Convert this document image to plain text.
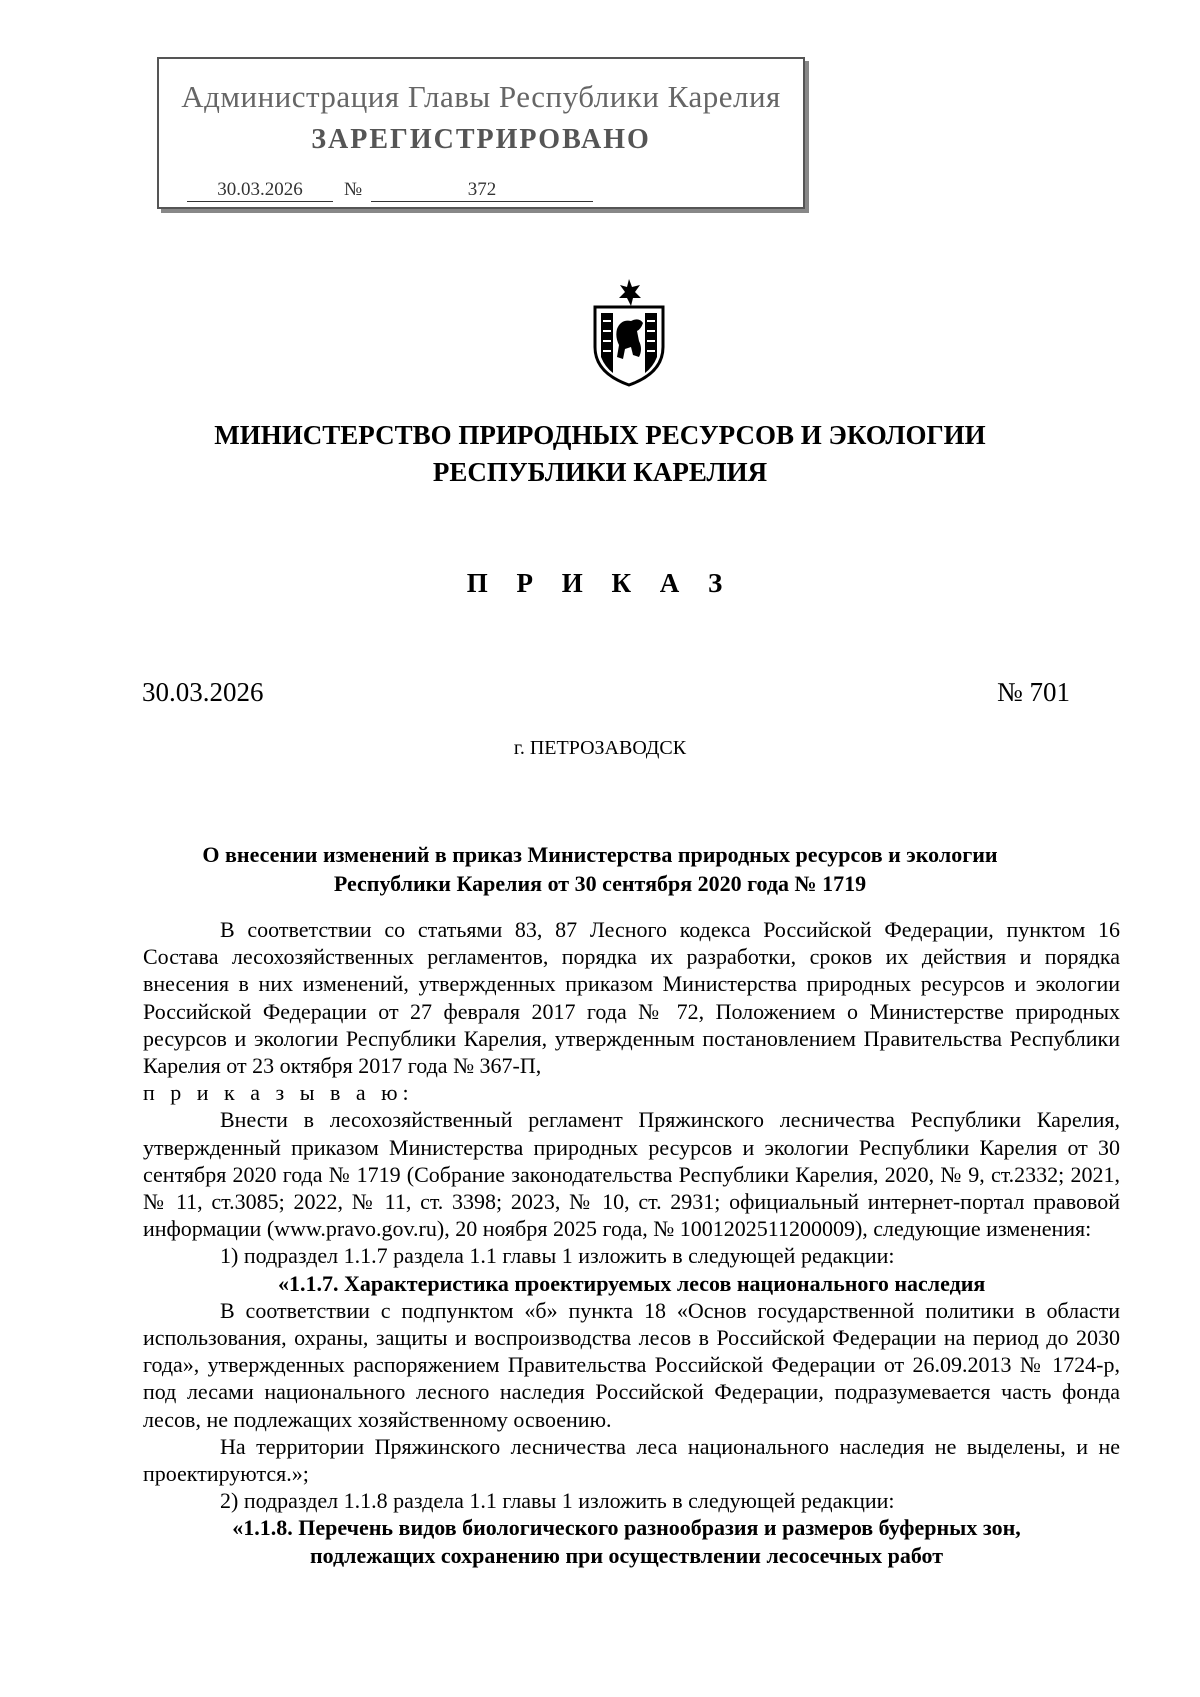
Администрация Главы Республики Карелия
ЗАРЕГИСТРИРОВАНО
30.03.2026	№	372
МИНИСТЕРСТВО ПРИРОДНЫХ РЕСУРСОВ И ЭКОЛОГИИ
РЕСПУБЛИКИ КАРЕЛИЯ
П Р И К А З
30.03.2026	№ 701
г. ПЕТРОЗАВОДСК
О внесении изменений в приказ Министерства природных ресурсов и экологии
Республики Карелия от 30 сентября 2020 года № 1719

В соответствии со статьями 83, 87 Лесного кодекса Российской Федерации, пунктом 16 Состава лесохозяйственных регламентов, порядка их разработки, сроков их действия и порядка внесения в них изменений, утвержденных приказом Министерства природных ресурсов и экологии Российской Федерации от 27 февраля 2017 года № 72, Положением о Министерстве природных ресурсов и экологии Республики Карелия, утвержденным постановлением Правительства Республики Карелия от 23 октября 2017 года № 367-П,

п р и к а з ы в а ю:

Внести в лесохозяйственный регламент Пряжинского лесничества Республики Карелия, утвержденный приказом Министерства природных ресурсов и экологии Республики Карелия от 30 сентября 2020 года № 1719 (Собрание законодательства Республики Карелия, 2020, № 9, ст.2332; 2021, № 11, ст.3085; 2022, № 11, ст. 3398; 2023, № 10, ст. 2931; официальный интернет-портал правовой информации (www.pravo.gov.ru), 20 ноября 2025 года, № 1001202511200009), следующие изменения:

1) подраздел 1.1.7 раздела 1.1 главы 1 изложить в следующей редакции:

«1.1.7. Характеристика проектируемых лесов национального наследия

В соответствии с подпунктом «б» пункта 18 «Основ государственной политики в области использования, охраны, защиты и воспроизводства лесов в Российской Федерации на период до 2030 года», утвержденных распоряжением Правительства Российской Федерации от 26.09.2013 № 1724-р, под лесами национального лесного наследия Российской Федерации, подразумевается часть фонда лесов, не подлежащих хозяйственному освоению.

На территории Пряжинского лесничества леса национального наследия не выделены, и не проектируются.»;

2) подраздел 1.1.8 раздела 1.1 главы 1 изложить в следующей редакции:

«1.1.8. Перечень видов биологического разнообразия и размеров буферных зон,

подлежащих сохранению при осуществлении лесосечных работ
